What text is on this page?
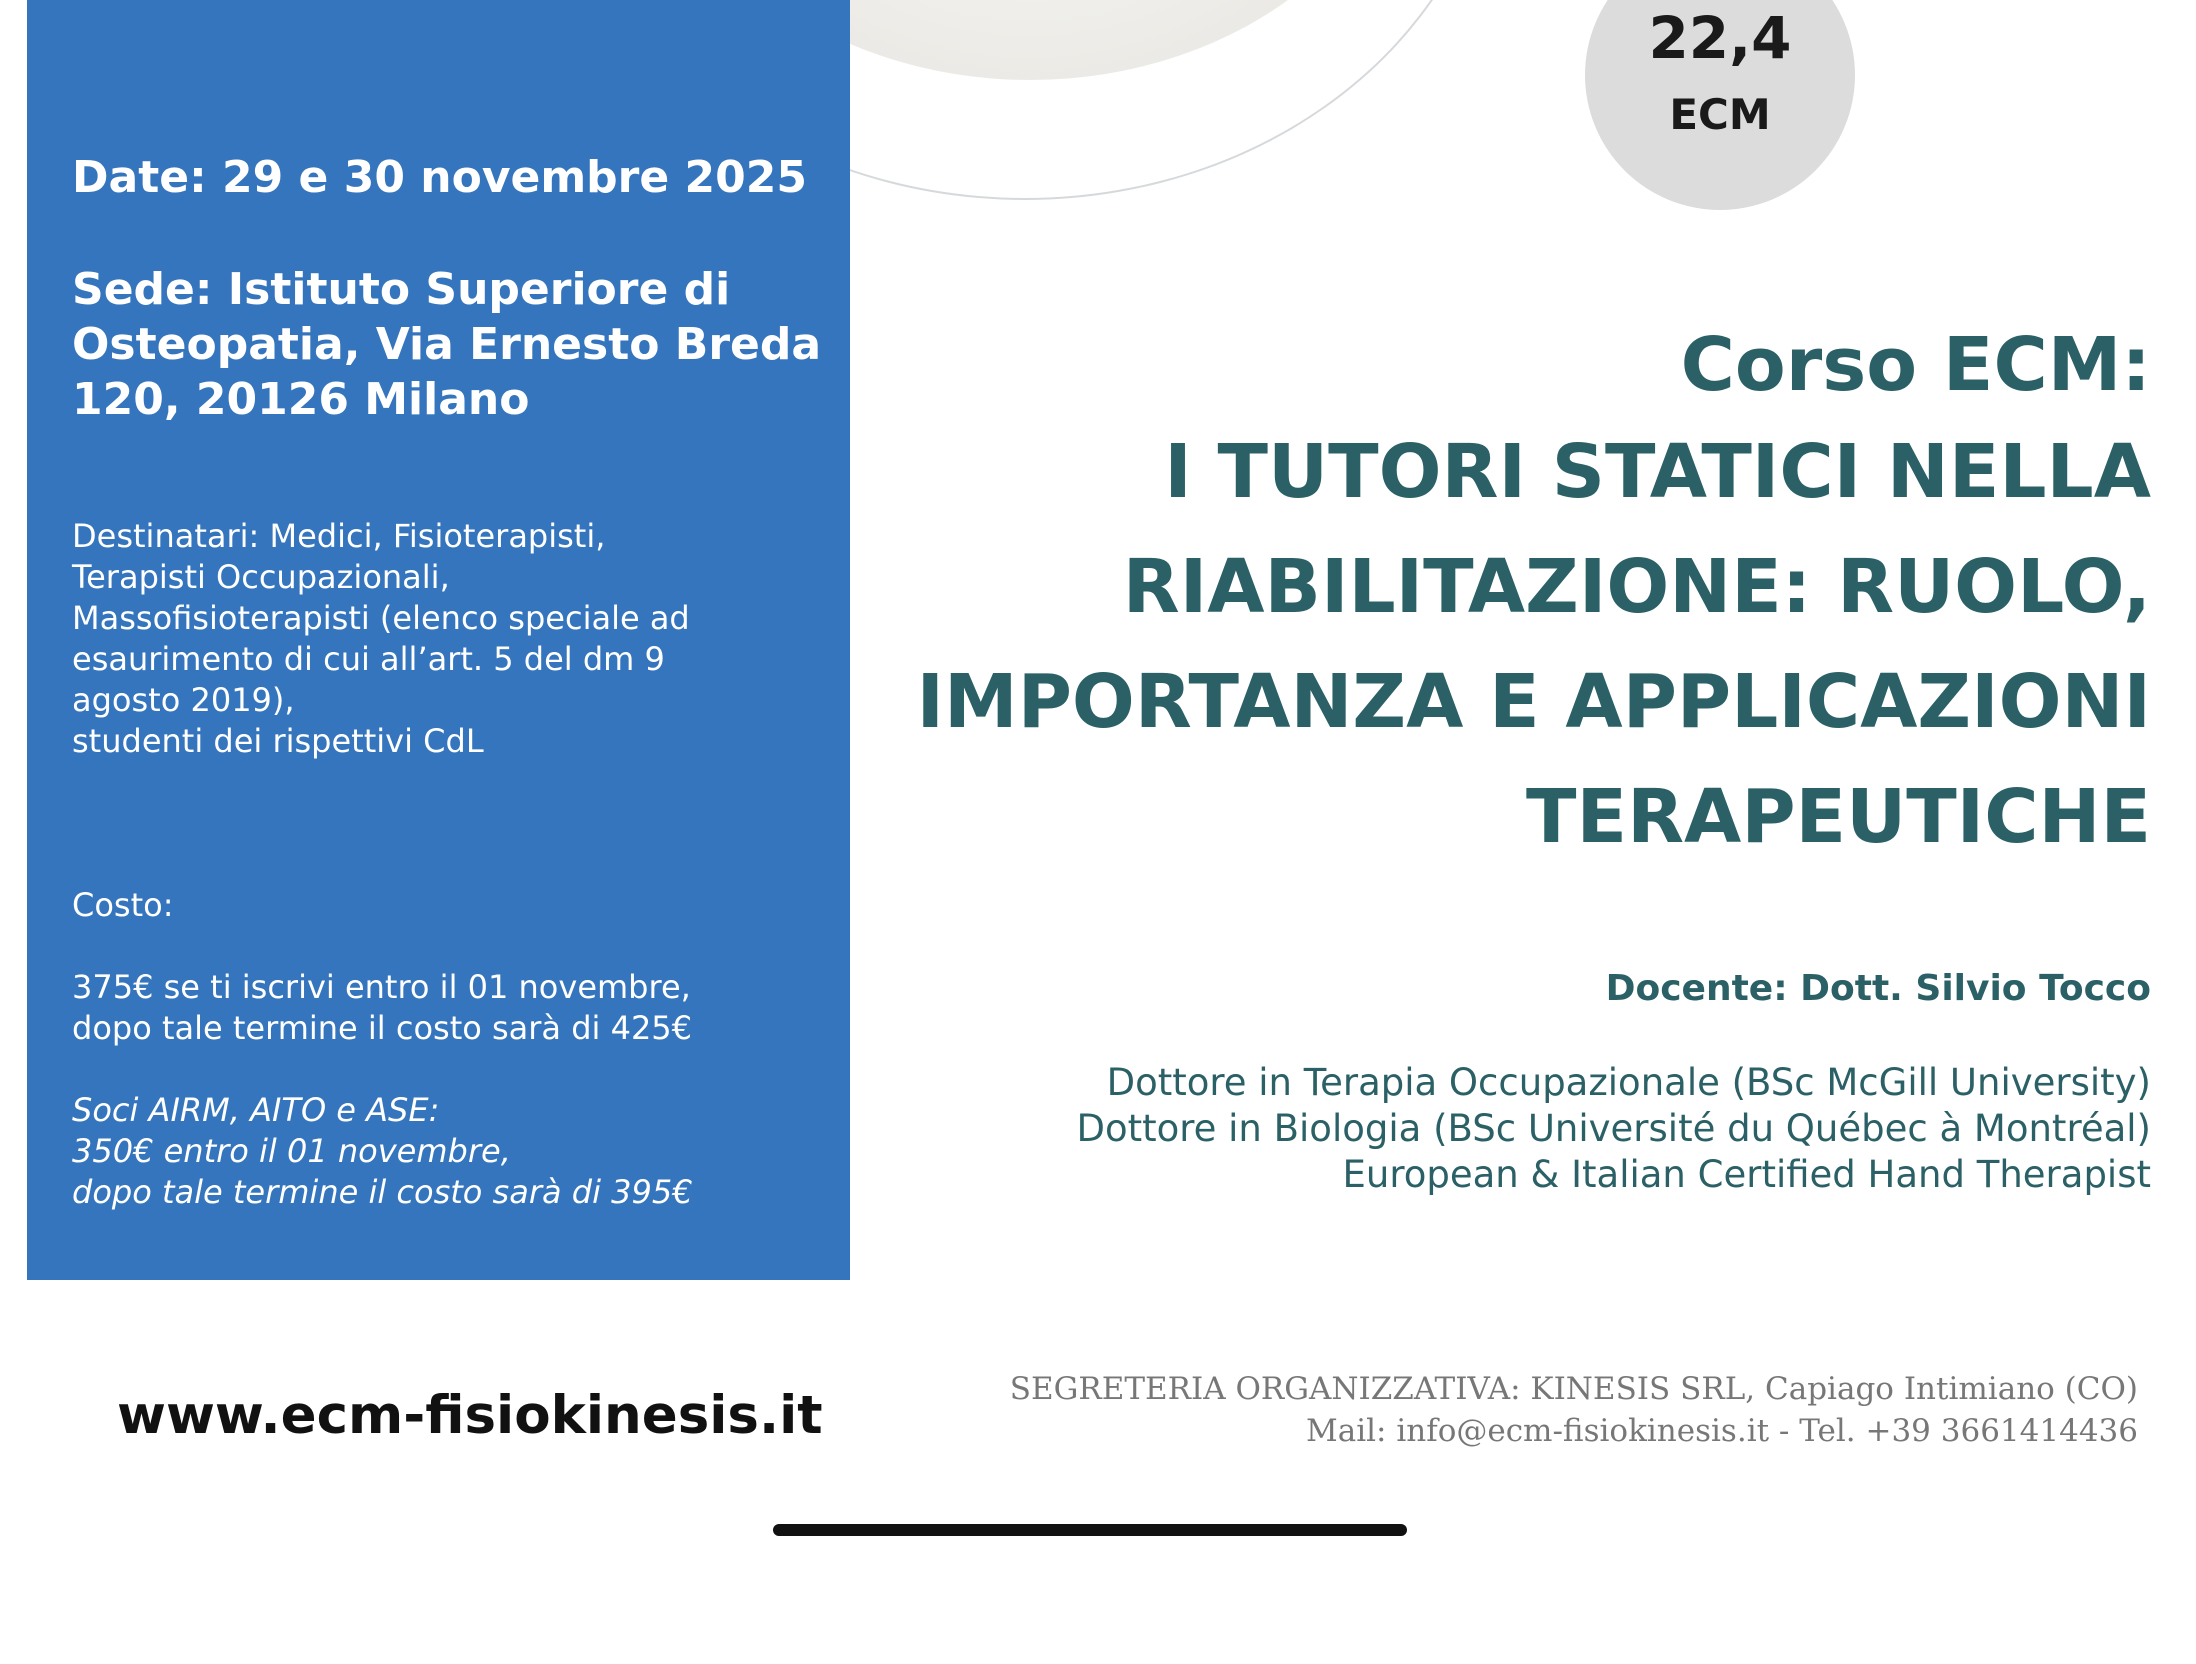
Date: 29 e 30 novembre 2025
Sede: Istituto Superiore di Osteopatia, Via Ernesto Breda 120, 20126 Milano

Destinatari: Medici, Fisioterapisti,
Terapisti Occupazionali,
Massofisioterapisti (elenco speciale ad
esaurimento di cui all’art. 5 del dm 9
agosto 2019),
studenti dei rispettivi CdL

Costo:

375€ se ti iscrivi entro il 01 novembre,
dopo tale termine il costo sarà di 425€

Soci AIRM, AITO e ASE:
350€ entro il 01 novembre,
dopo tale termine il costo sarà di 395€

Posti disponibili: 24

Materiale didattico: Dispensa cartacea e
materiale per appunti, materiale termo-
plastico di alta qualità

22,4
ECM
Corso ECM:
I TUTORI STATICI NELLA
RIABILITAZIONE: RUOLO,
IMPORTANZA E APPLICAZIONI
TERAPEUTICHE
Docente: Dott. Silvio Tocco
Dottore in Terapia Occupazionale (BSc McGill University)
Dottore in Biologia (BSc Université du Québec à Montréal)
European & Italian Certified Hand Therapist
www.ecm-fisiokinesis.it	SEGRETERIA ORGANIZZATIVA: KINESIS SRL, Capiago Intimiano (CO)
Mail: info@ecm-fisiokinesis.it - Tel. +39 3661414436
